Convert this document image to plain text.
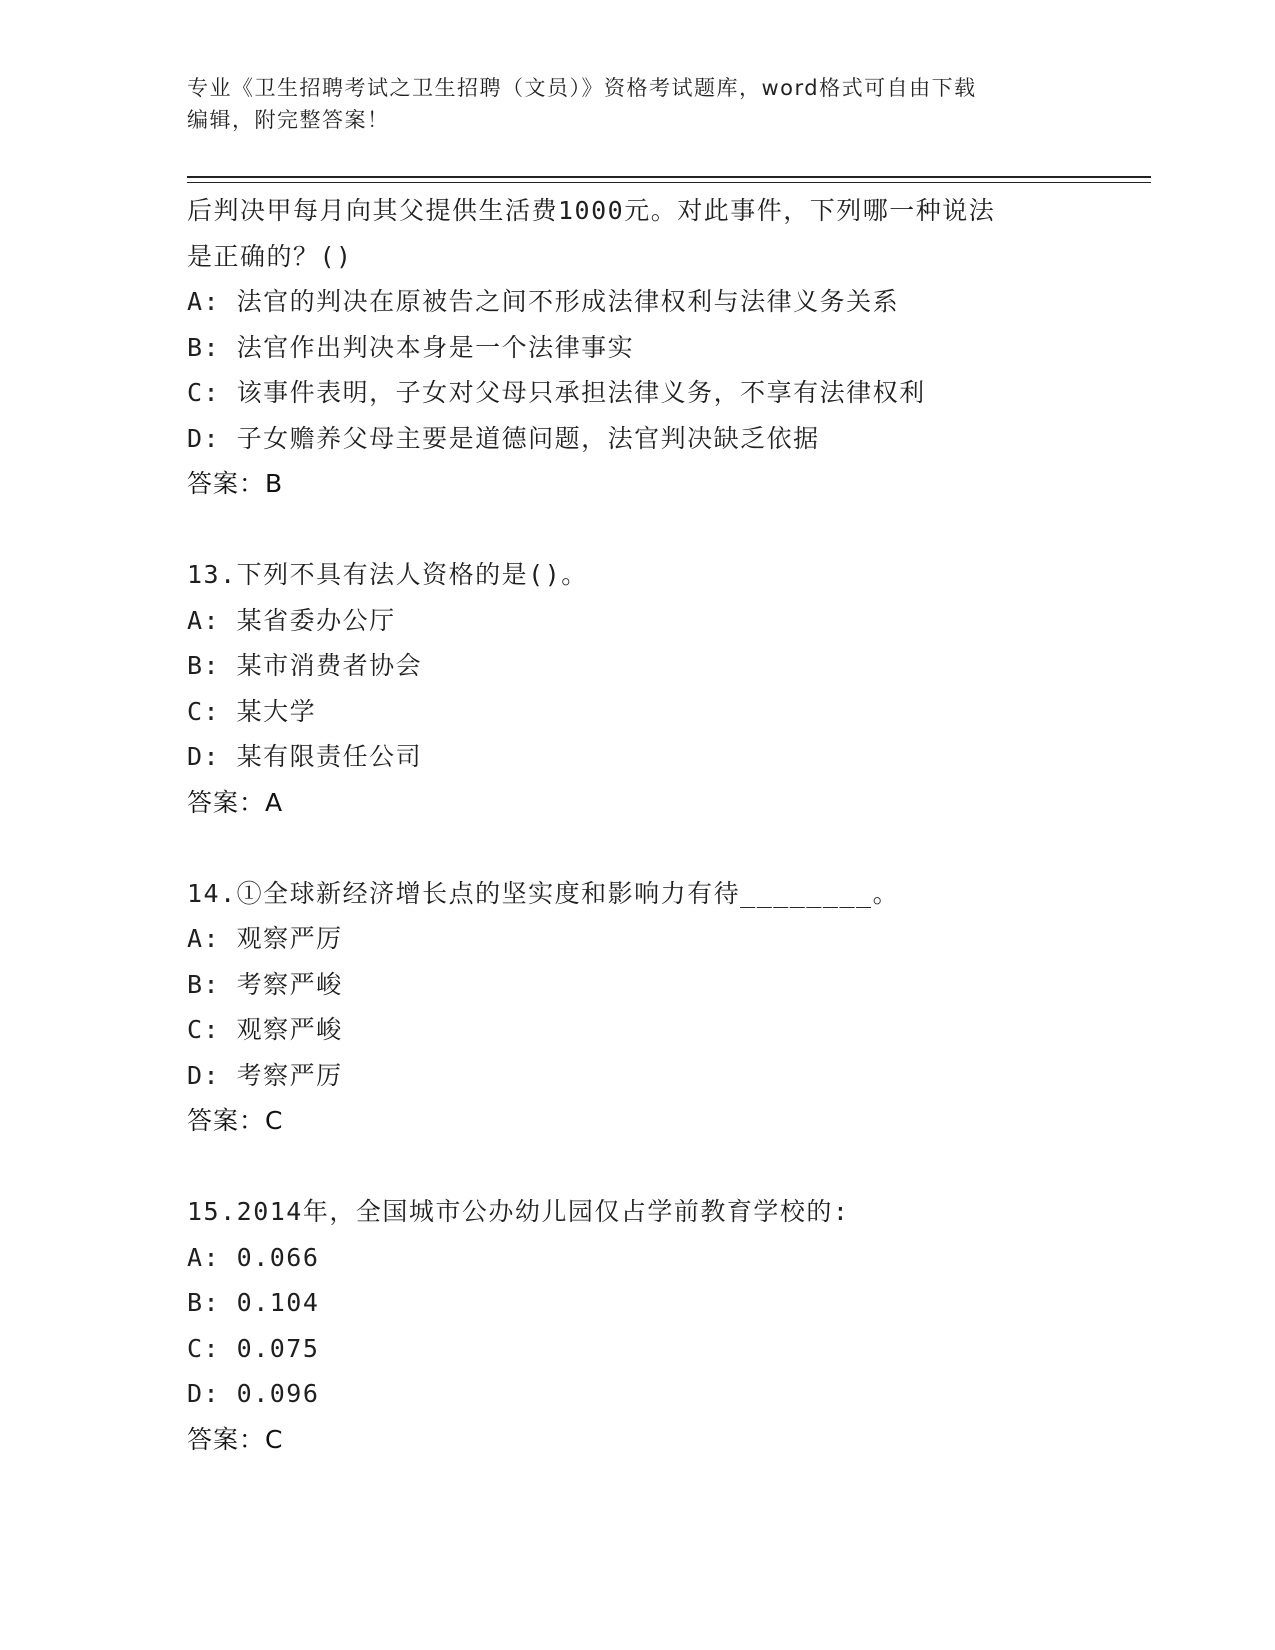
专业《卫生招聘考试之卫生招聘（文员）》资格考试题库，word格式可自由下载
编辑，附完整答案！
后判决甲每月向其父提供生活费1000元。对此事件，下列哪一种说法
是正确的？()
A: 法官的判决在原被告之间不形成法律权利与法律义务关系
B: 法官作出判决本身是一个法律事实
C: 该事件表明，子女对父母只承担法律义务，不享有法律权利
D: 子女赡养父母主要是道德问题，法官判决缺乏依据
答案：B
13.下列不具有法人资格的是()。
A: 某省委办公厅
B: 某市消费者协会
C: 某大学
D: 某有限责任公司
答案：A
14.①全球新经济增长点的坚实度和影响力有待________。
A: 观察严厉
B: 考察严峻
C: 观察严峻
D: 考察严厉
答案：C
15.2014年，全国城市公办幼儿园仅占学前教育学校的:
A: 0.066
B: 0.104
C: 0.075
D: 0.096
答案：C
